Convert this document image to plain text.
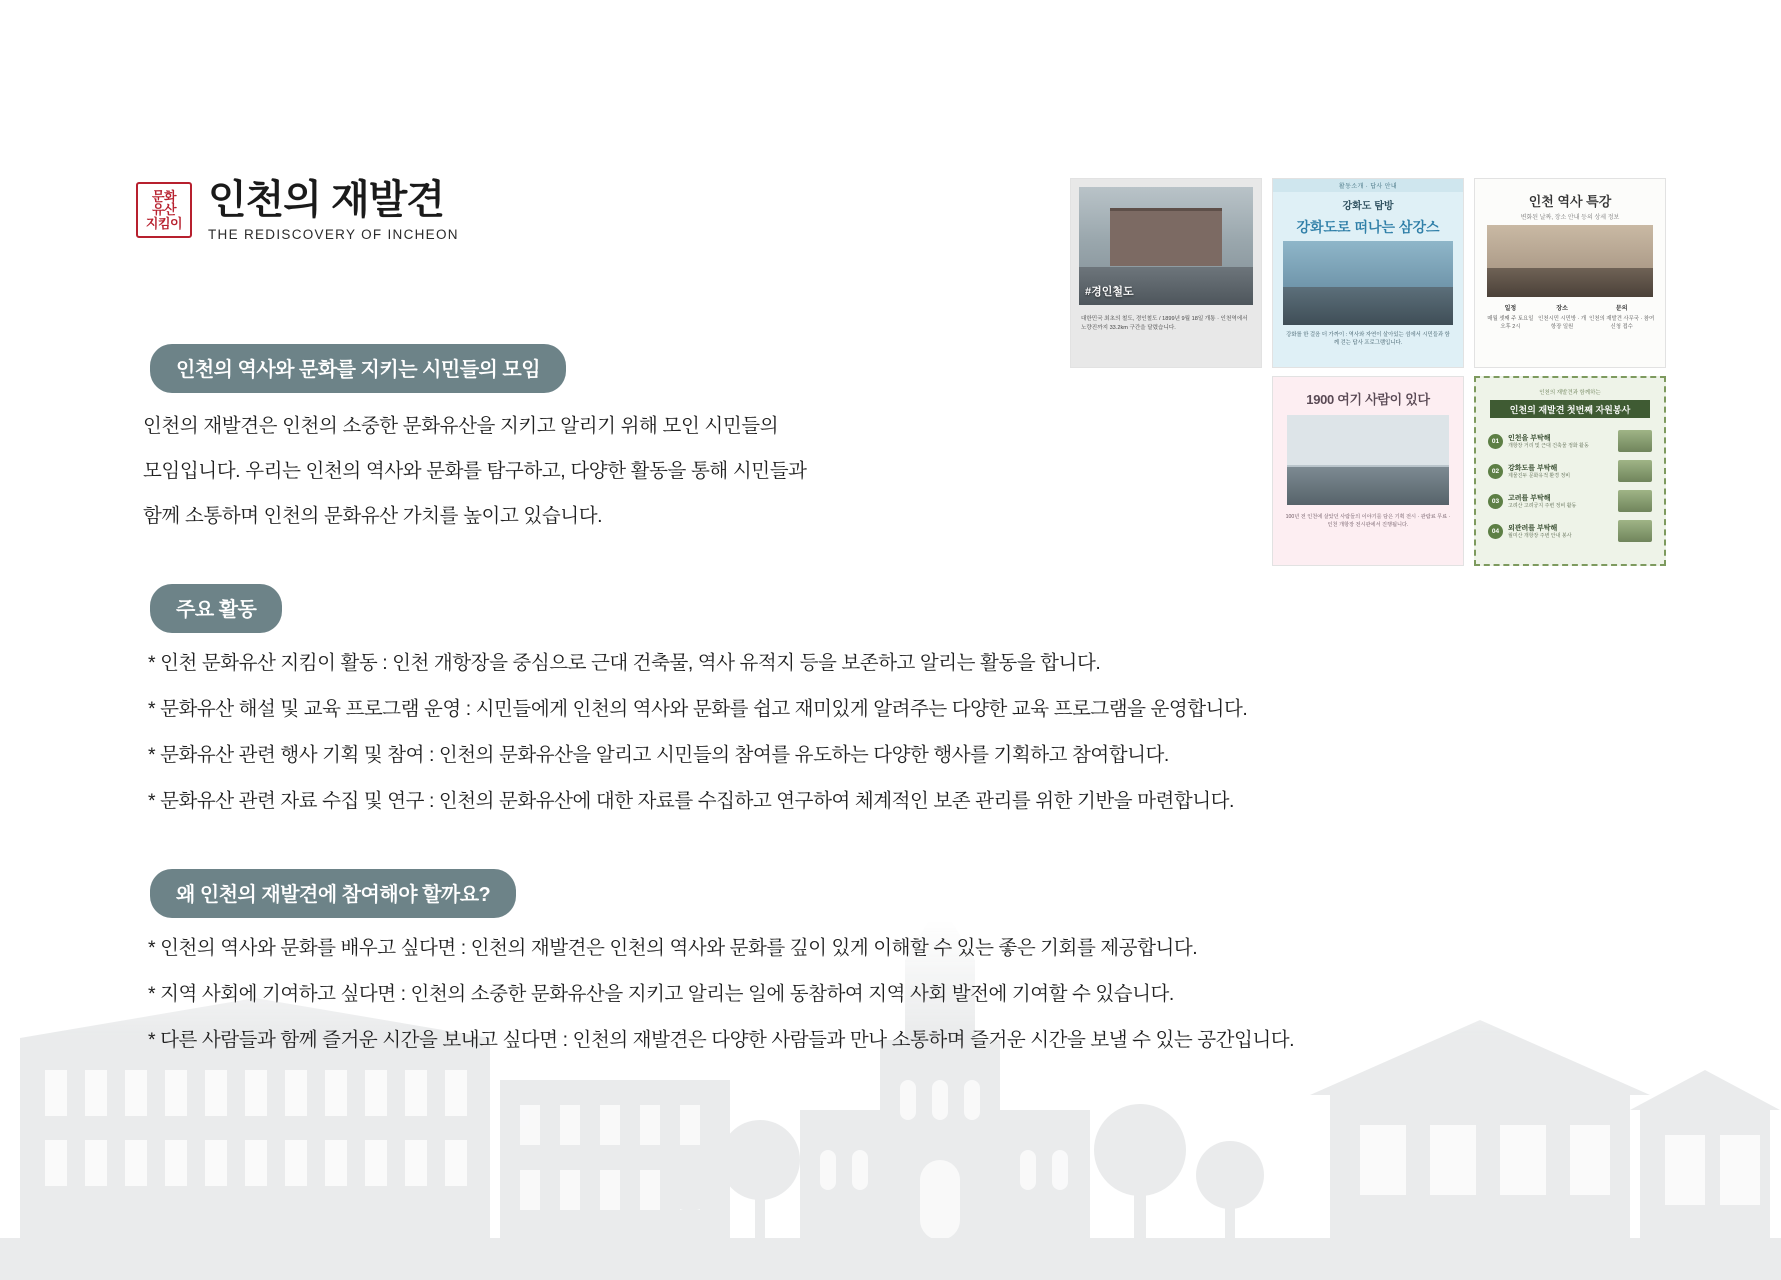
문화
유산
지킴이
인천의 재발견
THE REDISCOVERY OF INCHEON
인천의 역사와 문화를 지키는 시민들의 모임

인천의 재발견은 인천의 소중한 문화유산을 지키고 알리기 위해 모인 시민들의

모임입니다. 우리는 인천의 역사와 문화를 탐구하고, 다양한 활동을 통해 시민들과

함께 소통하며 인천의 문화유산 가치를 높이고 있습니다.

주요 활동
* 인천 문화유산 지킴이 활동 : 인천 개항장을 중심으로 근대 건축물, 역사 유적지 등을 보존하고 알리는 활동을 합니다.
* 문화유산 해설 및 교육 프로그램 운영 : 시민들에게 인천의 역사와 문화를 쉽고 재미있게 알려주는 다양한 교육 프로그램을 운영합니다.
* 문화유산 관련 행사 기획 및 참여 : 인천의 문화유산을 알리고 시민들의 참여를 유도하는 다양한 행사를 기획하고 참여합니다.
* 문화유산 관련 자료 수집 및 연구 : 인천의 문화유산에 대한 자료를 수집하고 연구하여 체계적인 보존 관리를 위한 기반을 마련합니다.
왜 인천의 재발견에 참여해야 할까요?
* 인천의 역사와 문화를 배우고 싶다면 : 인천의 재발견은 인천의 역사와 문화를 깊이 있게 이해할 수 있는 좋은 기회를 제공합니다.
* 지역 사회에 기여하고 싶다면 : 인천의 소중한 문화유산을 지키고 알리는 일에 동참하여 지역 사회 발전에 기여할 수 있습니다.
* 다른 사람들과 함께 즐거운 시간을 보내고 싶다면 : 인천의 재발견은 다양한 사람들과 만나 소통하며 즐거운 시간을 보낼 수 있는 공간입니다.
#경인철도
대한민국 최초의 철도, 경인철도 / 1899년 9월 18일 개통 · 인천역에서 노량진까지 33.2km 구간을 달렸습니다.
활동소개 · 답사 안내
강화도 탐방
강화도로 떠나는 삼강스
강화를 한 걸음 더 가까이 : 역사와 자연이 살아있는 섬에서 시민들과 함께 걷는 답사 프로그램입니다.
인천 역사 특강
변화된 날짜, 장소 안내 등의 상세 정보
일정
매월 셋째 주 토요일 오후 2시
장소
인천시민 시민방 · 개항장 일원
문의
인천의 재발견 사무국 · 참여 신청 접수
1900 여기 사람이 있다
100년 전 인천에 살았던 사람들의 이야기를 담은 기획 전시 · 관람료 무료 · 인천 개항장 전시관에서 진행됩니다.
인천의 재발견과 함께하는
인천의 재발견 첫번째 자원봉사
01	인천을 부탁해
개항장 거리 및 근대 건축물 정화 활동
02	강화도를 부탁해
제물진두 문화유적 환경 정비
03	고려를 부탁해
고려산 고려궁지 주변 정비 활동
04	외관려를 부탁해
월미산 개항장 주변 안내 봉사
